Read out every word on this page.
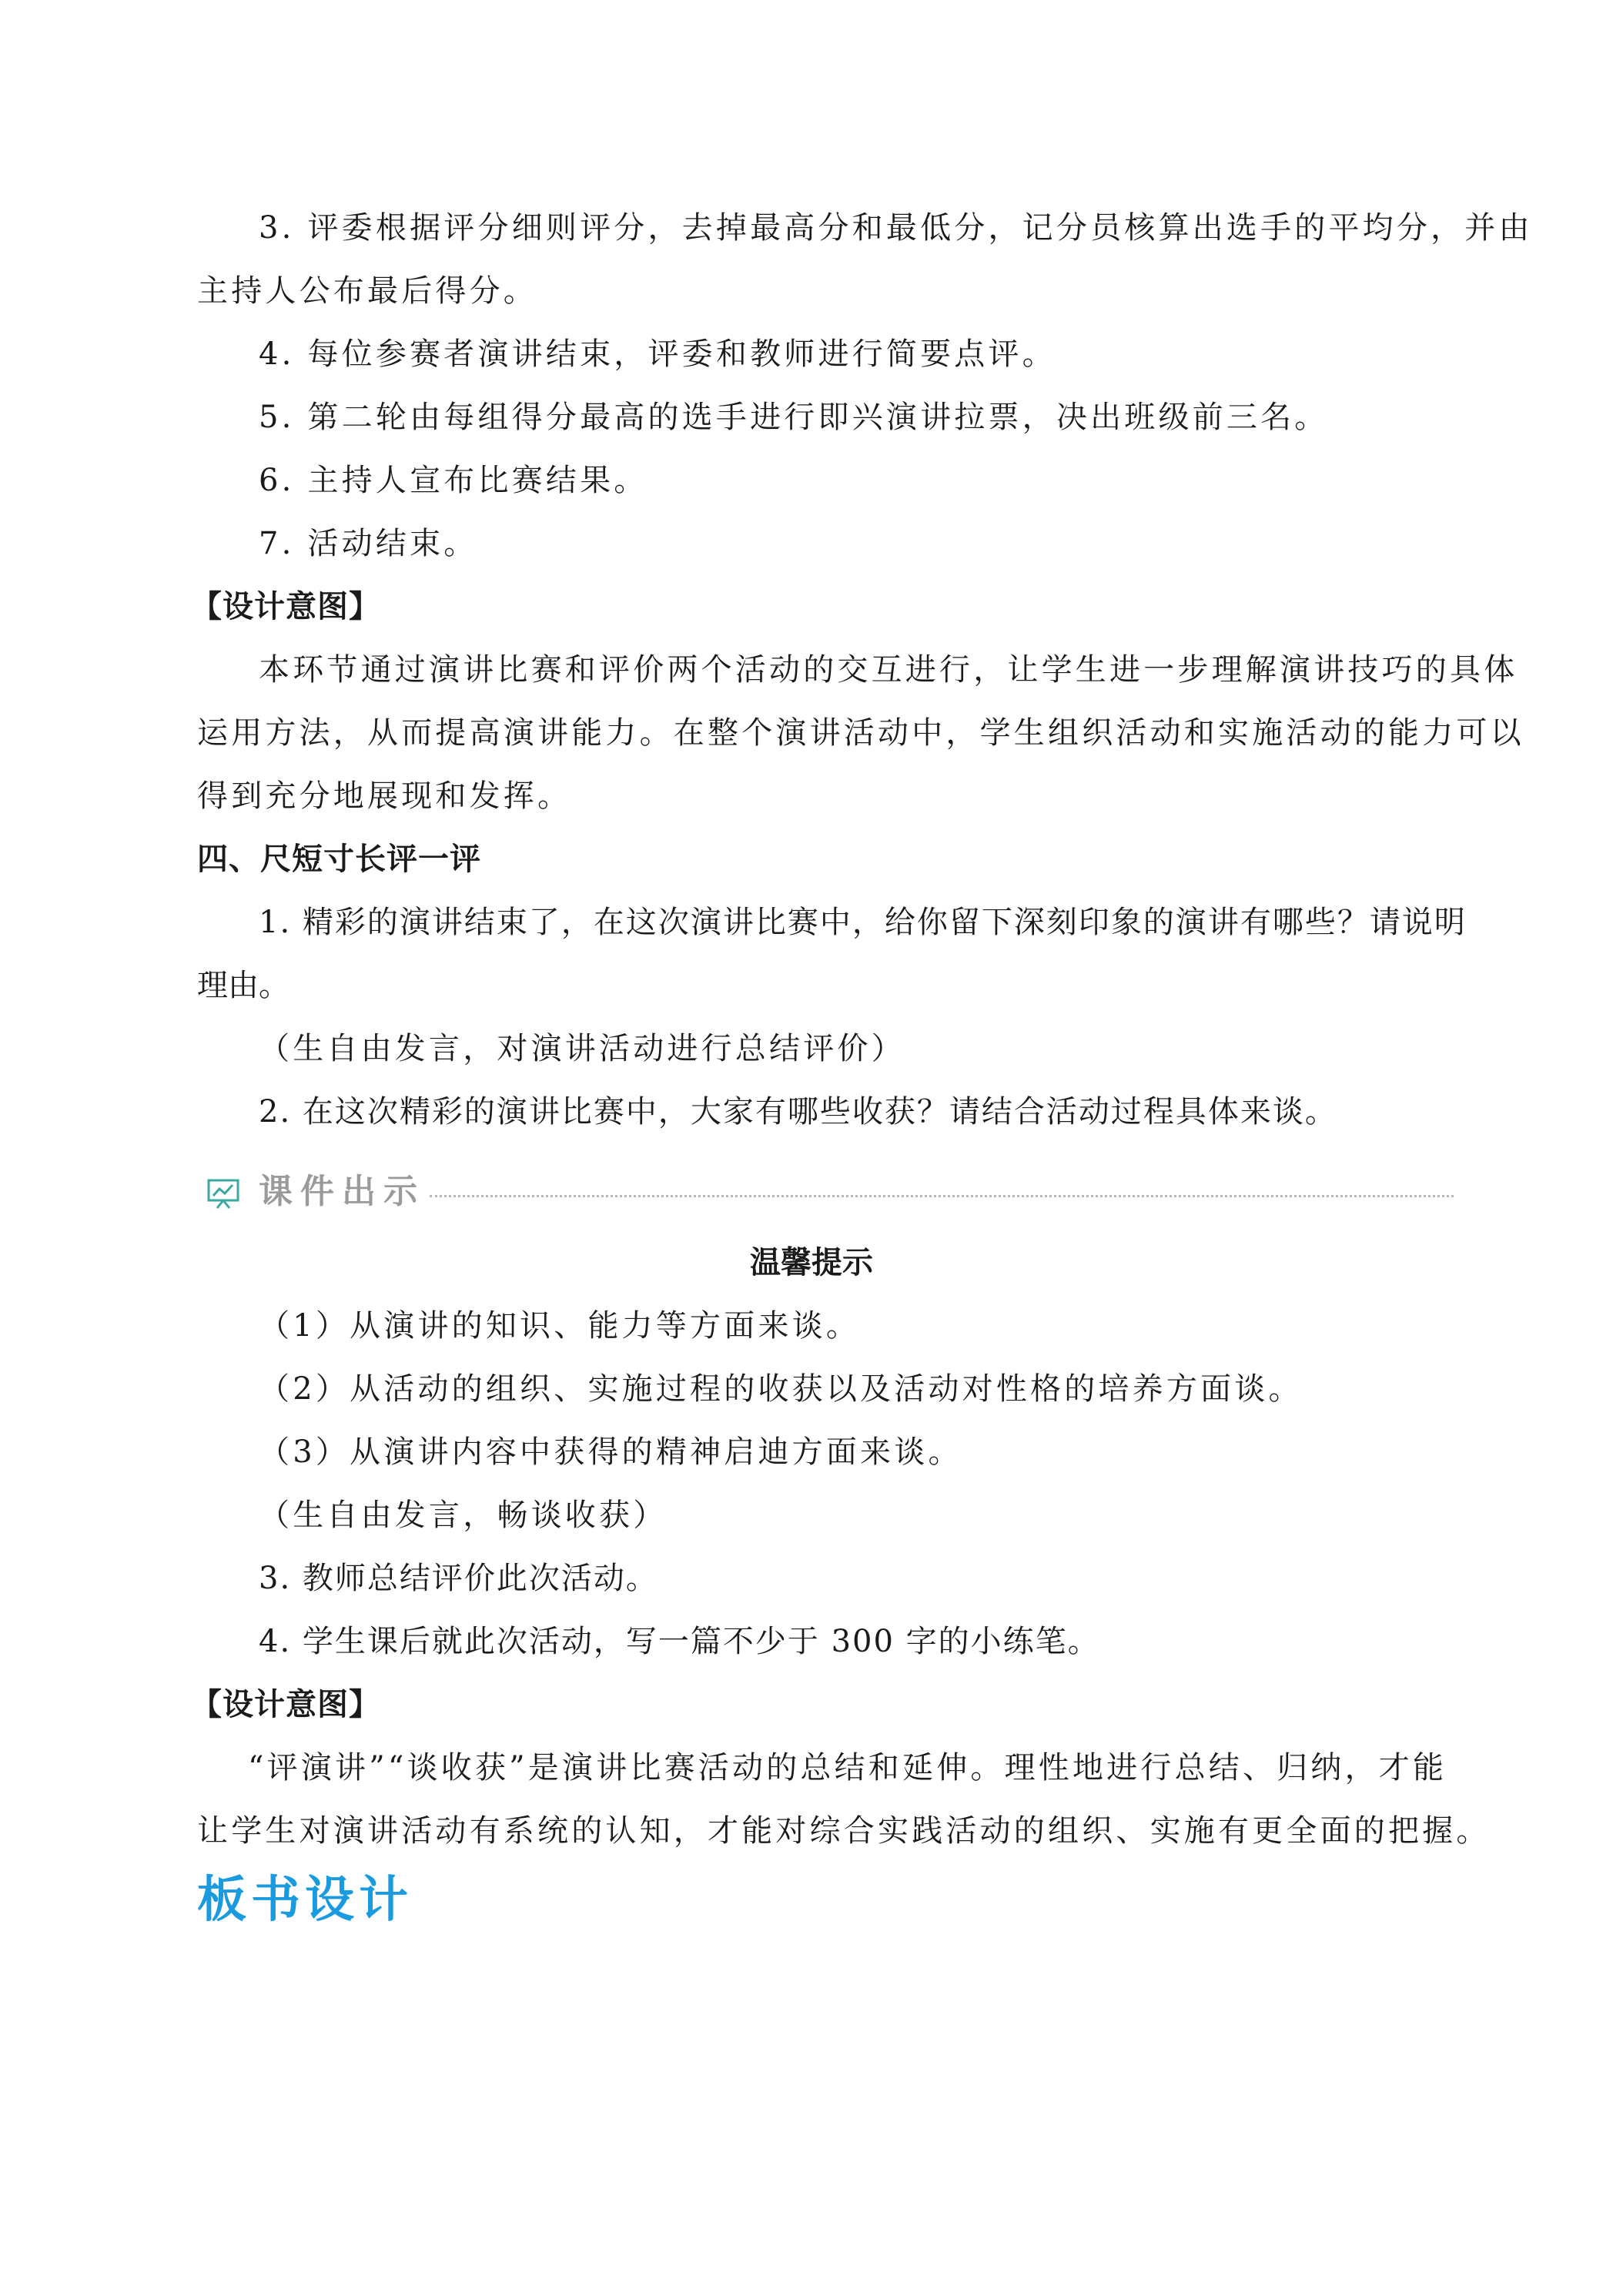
3. 评委根据评分细则评分，去掉最高分和最低分，记分员核算出选手的平均分，并由
主持人公布最后得分。
4. 每位参赛者演讲结束，评委和教师进行简要点评。
5. 第二轮由每组得分最高的选手进行即兴演讲拉票，决出班级前三名。
6. 主持人宣布比赛结果。
7. 活动结束。
【设计意图】
本环节通过演讲比赛和评价两个活动的交互进行，让学生进一步理解演讲技巧的具体
运用方法，从而提高演讲能力。在整个演讲活动中，学生组织活动和实施活动的能力可以
得到充分地展现和发挥。
四、尺短寸长评一评
1. 精彩的演讲结束了，在这次演讲比赛中，给你留下深刻印象的演讲有哪些？请说明
理由。
（生自由发言，对演讲活动进行总结评价）
2. 在这次精彩的演讲比赛中，大家有哪些收获？请结合活动过程具体来谈。
课件出示
温馨提示
（1）从演讲的知识、能力等方面来谈。
（2）从活动的组织、实施过程的收获以及活动对性格的培养方面谈。
（3）从演讲内容中获得的精神启迪方面来谈。
（生自由发言，畅谈收获）
3. 教师总结评价此次活动。
4. 学生课后就此次活动，写一篇不少于 300 字的小练笔。
【设计意图】
“评演讲”“谈收获”是演讲比赛活动的总结和延伸。理性地进行总结、归纳，才能
让学生对演讲活动有系统的认知，才能对综合实践活动的组织、实施有更全面的把握。
板书设计
